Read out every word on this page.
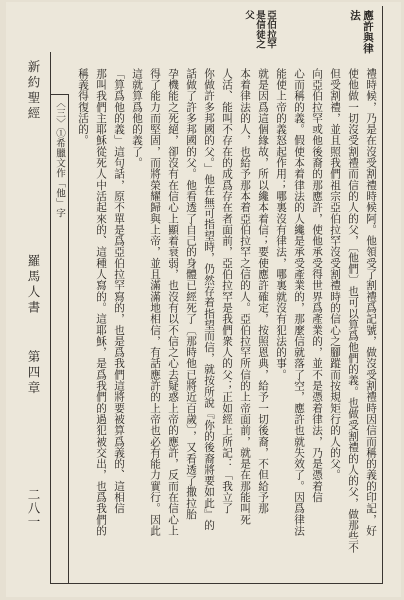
新約聖經
羅馬人書
第四章
二八一
應許與律
法
亞伯拉罕
是信徒之
父
禮時候，乃是在沒受割禮時候阿。他領受了割禮爲記號，做沒受割禮時因信而稱的義的印記，好
使他做一切沒受割禮而信的人的父，〔他們〕也可以算爲他們的義。也做受割禮的人的父，做那些不
但受割禮，並且照我們祖宗亞伯拉罕沒受割禮時的信心之腳蹤而按規矩行的人的父。
向亞伯拉罕或他後裔的那應許，使他承受得世界爲產業的，並不是憑着律法，乃是憑着信
心而稱的義。假使本着律法的人纔是承受產業的，那麼信就落了空，應許也就失效了。因爲律法
能使上帝的義怒起作用；哪裏沒有律法，哪裏就沒有犯法的事。
就是因爲這個緣故，所以纔本着信；要使應許確定，按照恩典，給予一切後裔，不但給予那
本着律法的人，也給予那本着亞伯拉罕之信的人。亞伯拉罕所信的上帝面前，就是在那能叫死
人活、能叫不存在的成爲存在者面前，亞伯拉罕是我們衆人的父；正如經上所記：「我立了
你做許多邦國的父。」他在無可指望時，仍然存着指望而信，就按所說『你的後裔將要如此』的
話做了許多邦國的父。他看透了自己的身體已經死了〔那時他已將近百歲〕，又看透了撒拉胎
孕機能之死絕，卻沒有在信心上顯着衰弱，也沒有以不信之心去疑惑上帝的應許，反而在信心上
得了能力而堅固，而將榮耀歸與上帝，並且滿滿地相信，有話應許的上帝也必有能力實行。因此
這就算爲他的義了。
「算爲他的義」這句話，原不單是爲亞伯拉罕寫的，也是爲我們這將要被算爲義的、這相信
那叫我們主耶穌從死人中活起來的、這種人寫的。這耶穌，是爲我們的過犯被交出，也爲我們的
稱義得復活的。
〈三〉①希臘文作「他」字
